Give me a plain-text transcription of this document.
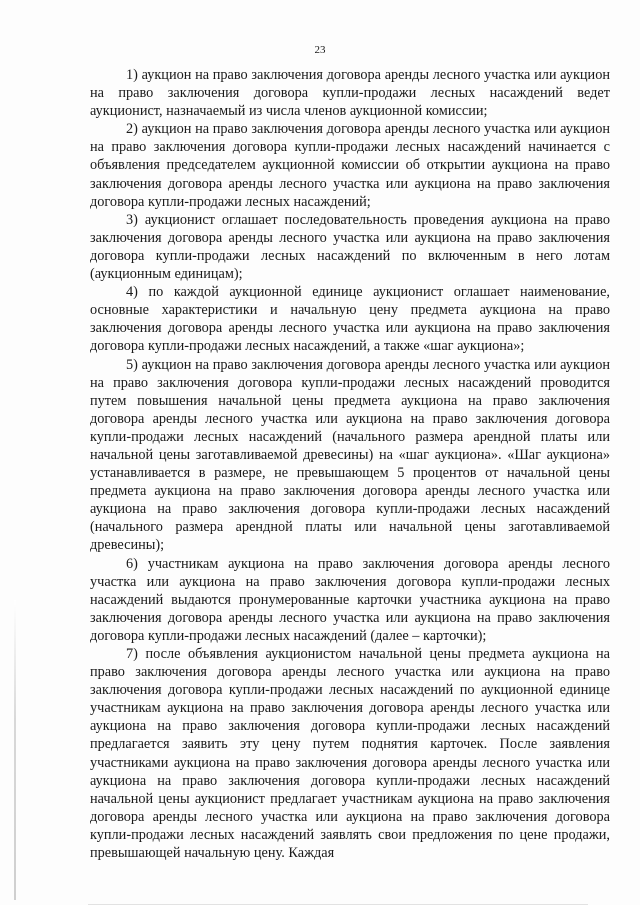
23

1) аукцион на право заключения договора аренды лесного участка или аукцион на право заключения договора купли-продажи лесных насаждений ведет аукционист, назначаемый из числа членов аукционной комиссии;

2) аукцион на право заключения договора аренды лесного участка или аукцион на право заключения договора купли-продажи лесных насаждений начинается с объявления председателем аукционной комиссии об открытии аукциона на право заключения договора аренды лесного участка или аукциона на право заключения договора купли-продажи лесных насаждений;

3) аукционист оглашает последовательность проведения аукциона на право заключения договора аренды лесного участка или аукциона на право заключения договора купли-продажи лесных насаждений по включенным в него лотам (аукционным единицам);

4) по каждой аукционной единице аукционист оглашает наименование, основные характеристики и начальную цену предмета аукциона на право заключения договора аренды лесного участка или аукциона на право заключения договора купли-продажи лесных насаждений, а также «шаг аукциона»;

5) аукцион на право заключения договора аренды лесного участка или аукцион на право заключения договора купли-продажи лесных насаждений проводится путем повышения начальной цены предмета аукциона на право заключения договора аренды лесного участка или аукциона на право заключения договора купли-продажи лесных насаждений (начального размера арендной платы или начальной цены заготавливаемой древесины) на «шаг аукциона». «Шаг аукциона» устанавливается в размере, не превышающем 5 процентов от начальной цены предмета аукциона на право заключения договора аренды лесного участка или аукциона на право заключения договора купли-продажи лесных насаждений (начального размера арендной платы или начальной цены заготавливаемой древесины);

6) участникам аукциона на право заключения договора аренды лесного участка или аукциона на право заключения договора купли-продажи лесных насаждений выдаются пронумерованные карточки участника аукциона на право заключения договора аренды лесного участка или аукциона на право заключения договора купли-продажи лесных насаждений (далее – карточки);

7) после объявления аукционистом начальной цены предмета аукциона на право заключения договора аренды лесного участка или аукциона на право заключения договора купли-продажи лесных насаждений по аукционной единице участникам аукциона на право заключения договора аренды лесного участка или аукциона на право заключения договора купли-продажи лесных насаждений предлагается заявить эту цену путем поднятия карточек. После заявления участниками аукциона на право заключения договора аренды лесного участка или аукциона на право заключения договора купли-продажи лесных насаждений начальной цены аукционист предлагает участникам аукциона на право заключения договора аренды лесного участка или аукциона на право заключения договора купли-продажи лесных насаждений заявлять свои предложения по цене продажи, превышающей начальную цену. Каждая
